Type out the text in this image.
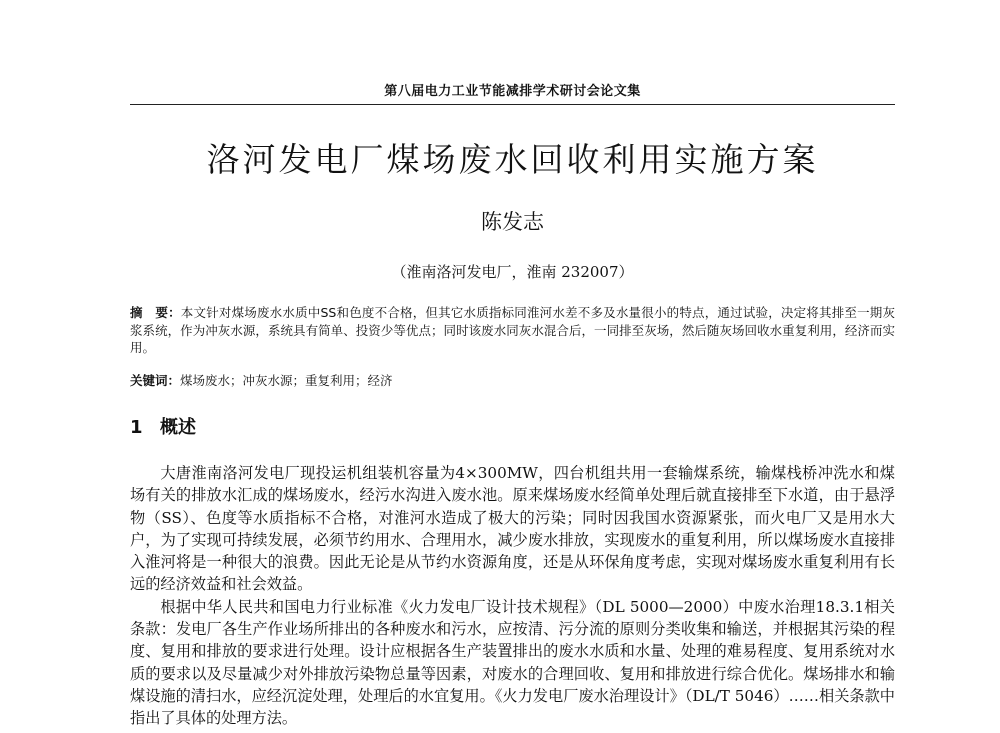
第八届电力工业节能减排学术研讨会论文集
洛河发电厂煤场废水回收利用实施方案
陈发志
（淮南洛河发电厂，淮南 232007）
摘　要：本文针对煤场废水水质中SS和色度不合格，但其它水质指标同淮河水差不多及水量很小的特点，通过试验，决定将其排至一期灰浆系统，作为冲灰水源，系统具有简单、投资少等优点；同时该废水同灰水混合后，一同排至灰场，然后随灰场回收水重复利用，经济而实用。
关键词：煤场废水；冲灰水源；重复利用；经济
1 概述

大唐淮南洛河发电厂现投运机组装机容量为4×300MW，四台机组共用一套输煤系统，输煤栈桥冲洗水和煤场有关的排放水汇成的煤场废水，经污水沟进入废水池。原来煤场废水经简单处理后就直接排至下水道，由于悬浮物（SS）、色度等水质指标不合格，对淮河水造成了极大的污染；同时因我国水资源紧张，而火电厂又是用水大户，为了实现可持续发展，必须节约用水、合理用水，减少废水排放，实现废水的重复利用，所以煤场废水直接排入淮河将是一种很大的浪费。因此无论是从节约水资源角度，还是从环保角度考虑，实现对煤场废水重复利用有长远的经济效益和社会效益。

根据中华人民共和国电力行业标准《火力发电厂设计技术规程》（DL 5000—2000）中废水治理18.3.1相关条款：发电厂各生产作业场所排出的各种废水和污水，应按清、污分流的原则分类收集和输送，并根据其污染的程度、复用和排放的要求进行处理。设计应根据各生产装置排出的废水水质和水量、处理的难易程度、复用系统对水质的要求以及尽量减少对外排放污染物总量等因素，对废水的合理回收、复用和排放进行综合优化。煤场排水和输煤设施的清扫水，应经沉淀处理，处理后的水宜复用。《火力发电厂废水治理设计》（DL/T 5046）……相关条款中指出了具体的处理方法。
